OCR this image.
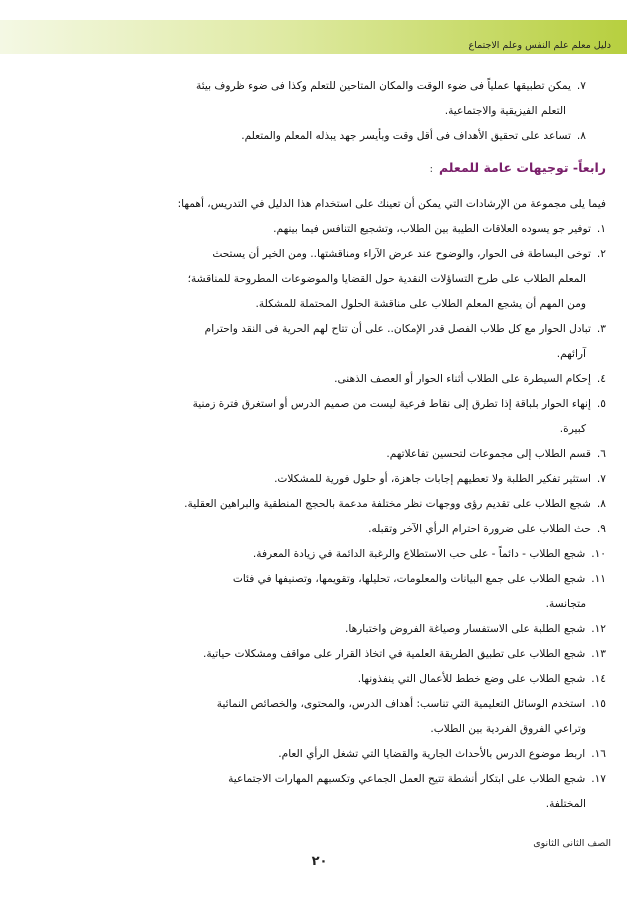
دليل معلم علم النفس وعلم الاجتماع
٧.يمكن تطبيقها عملياً فى ضوء الوقت والمكان المتاحين للتعلم وكذا فى ضوء ظروف بيئة
التعلم الفيزيقية والاجتماعية.
٨.تساعد على تحقيق الأهداف فى أقل وقت وبأيسر جهد يبذله المعلم والمتعلم.
رابعاً- توجيهات عامة للمعلم:
فيما يلى مجموعة من الإرشادات التي يمكن أن تعينك على استخدام هذا الدليل في التدريس، أهمها:
١.توفير جو يسوده العلاقات الطيبة بين الطلاب، وتشجيع التنافس فيما بينهم.
٢.توخى البساطة فى الحوار، والوضوح عند عرض الآراء ومناقشتها.. ومن الخير أن يستحث
المعلم الطلاب على طرح التساؤلات النقدية حول القضايا والموضوعات المطروحة للمناقشة؛
ومن المهم أن يشجع المعلم الطلاب على مناقشة الحلول المحتملة للمشكلة.
٣.تبادل الحوار مع كل طلاب الفصل قدر الإمكان.. على أن تتاح لهم الحرية فى النقد واحترام
آرائهم.
٤.إحكام السيطرة على الطلاب أثناء الحوار أو العصف الذهنى.
٥.إنهاء الحوار بلباقة إذا تطرق إلى نقاط فرعية ليست من صميم الدرس أو استغرق فترة زمنية
كبيرة.
٦.قسم الطلاب إلى مجموعات لتحسين تفاعلاتهم.
٧.استثير تفكير الطلبة ولا تعطيهم إجابات جاهزة، أو حلول فورية للمشكلات.
٨.شجع الطلاب على تقديم رؤى ووجهات نظر مختلفة مدعمة بالحجج المنطقية والبراهين العقلية.
٩.حث الطلاب على ضرورة احترام الرأي الآخر وتقبله.
١٠.شجع الطلاب - دائماً - على حب الاستطلاع والرغبة الدائمة في زيادة المعرفة.
١١.شجع الطلاب على جمع البيانات والمعلومات، تحليلها، وتقويمها، وتصنيفها في فئات
متجانسة.
١٢.شجع الطلبة على الاستفسار وصياغة الفروض واختبارها.
١٣.شجع الطلاب على تطبيق الطريقة العلمية في اتخاذ القرار على مواقف ومشكلات حياتية.
١٤.شجع الطلاب على وضع خطط للأعمال التي ينفذونها.
١٥.استخدم الوسائل التعليمية التي تناسب: أهداف الدرس، والمحتوى، والخصائص النمائية
وتراعي الفروق الفردية بين الطلاب.
١٦.اربط موضوع الدرس بالأحداث الجارية والقضايا التي تشغل الرأي العام.
١٧.شجع الطلاب على ابتكار أنشطة تتيح العمل الجماعي وتكسبهم المهارات الاجتماعية
المختلفة.
الصف الثانى الثانوى
٢٠
